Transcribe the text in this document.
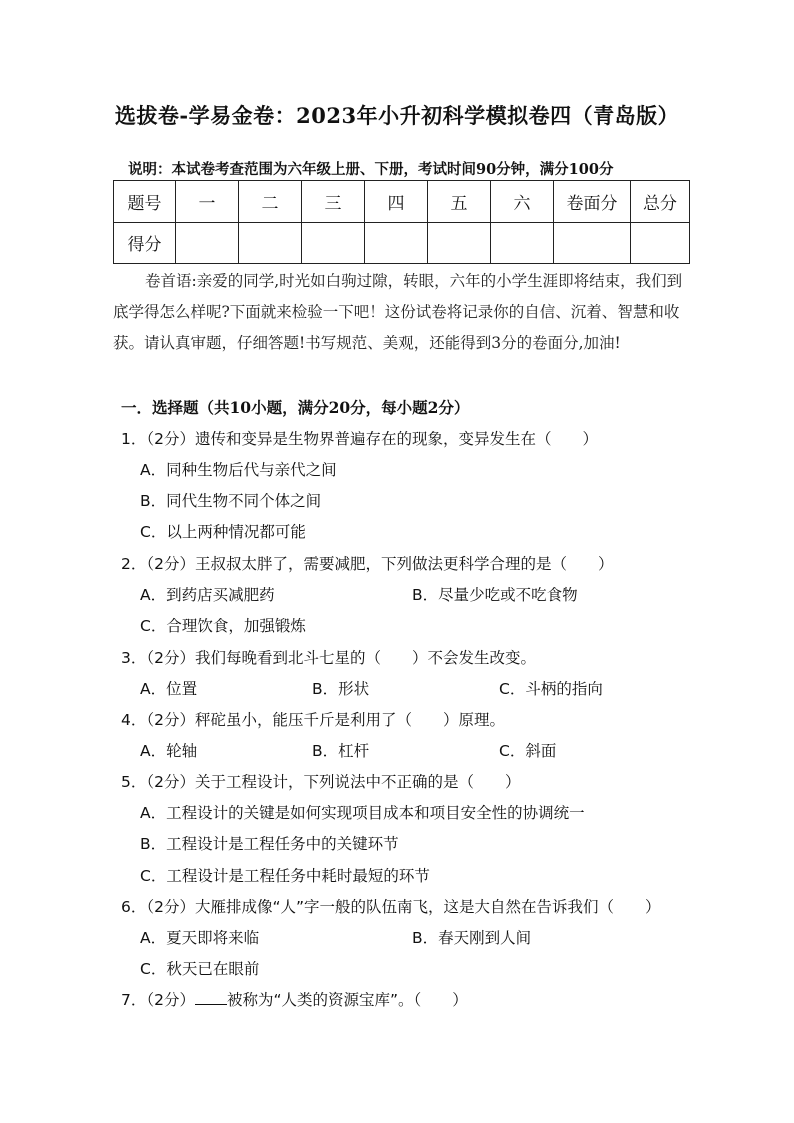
选拔卷-学易金卷：2023年小升初科学模拟卷四（青岛版）
说明：本试卷考查范围为六年级上册、下册，考试时间90分钟，满分100分
题号	一	二	三	四	五	六	卷面分	总分
得分								
卷首语:亲爱的同学,时光如白驹过隙，转眼，六年的小学生涯即将结束，我们到底学得怎么样呢?下面就来检验一下吧！这份试卷将记录你的自信、沉着、智慧和收获。请认真审题，仔细答题!书写规范、美观，还能得到3分的卷面分,加油!
一．选择题（共10小题，满分20分，每小题2分）
1．（2分）遗传和变异是生物界普遍存在的现象，变异发生在（　　）
A．同种生物后代与亲代之间
B．同代生物不同个体之间
C．以上两种情况都可能
2．（2分）王叔叔太胖了，需要减肥，下列做法更科学合理的是（　　）
A．到药店买减肥药	B．尽量少吃或不吃食物
C．合理饮食，加强锻炼
3．（2分）我们每晚看到北斗七星的（　　）不会发生改变。
A．位置	B．形状	C．斗柄的指向
4．（2分）秤砣虽小，能压千斤是利用了（　　）原理。
A．轮轴	B．杠杆	C．斜面
5．（2分）关于工程设计，下列说法中不正确的是（　　）
A．工程设计的关键是如何实现项目成本和项目安全性的协调统一
B．工程设计是工程任务中的关键环节
C．工程设计是工程任务中耗时最短的环节
6．（2分）大雁排成像“人”字一般的队伍南飞，这是大自然在告诉我们（　　）
A．夏天即将来临	B．春天刚到人间
C．秋天已在眼前
7．（2分） 被称为“人类的资源宝库”。（　　）
